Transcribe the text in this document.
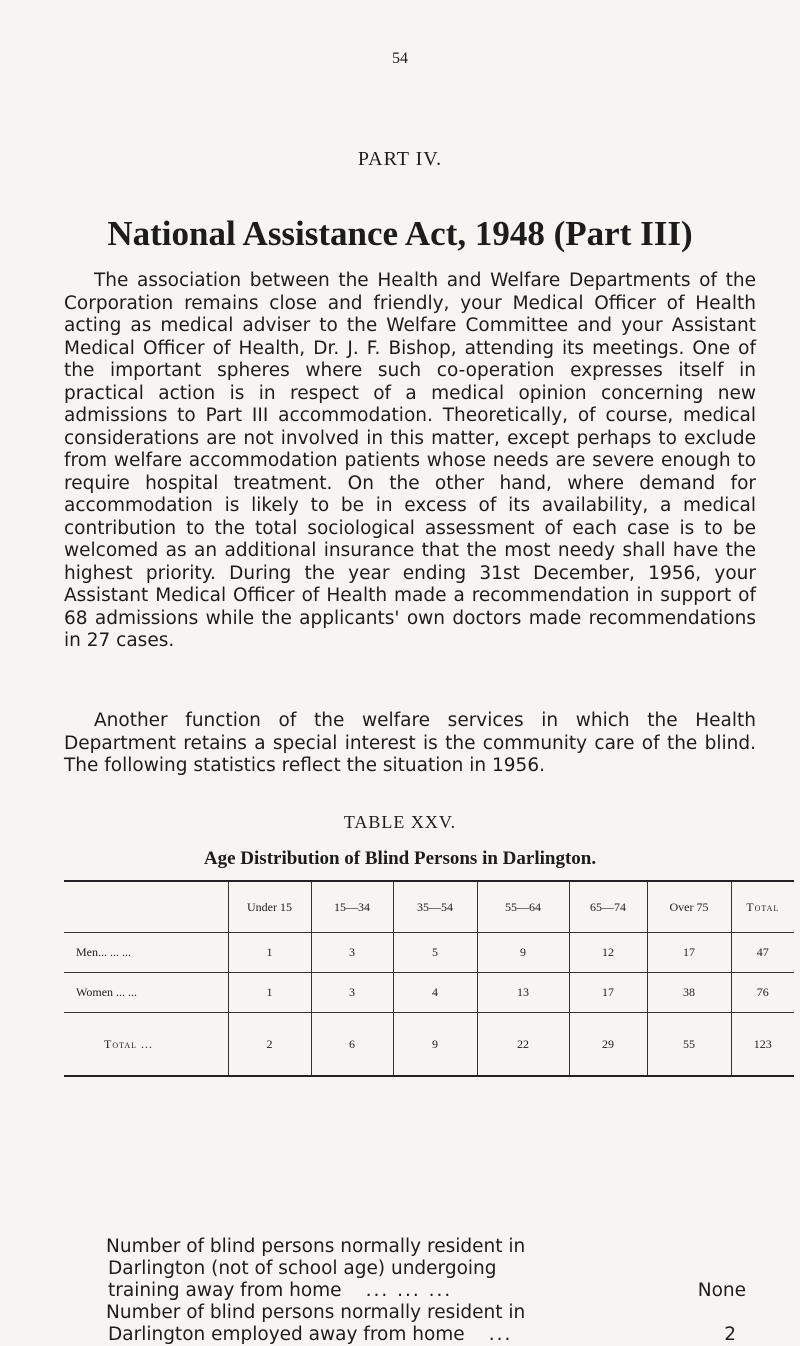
54
PART IV.
National Assistance Act, 1948 (Part III)

The association between the Health and Welfare Departments of the Corporation remains close and friendly, your Medical Officer of Health acting as medical adviser to the Welfare Committee and your Assistant Medical Officer of Health, Dr. J. F. Bishop, attending its meetings. One of the important spheres where such co-operation expresses itself in practical action is in respect of a medical opinion concerning new admissions to Part III accommodation. Theoretically, of course, medical considerations are not involved in this matter, except perhaps to exclude from welfare accommodation patients whose needs are severe enough to require hospital treatment. On the other hand, where demand for accommodation is likely to be in excess of its availability, a medical contribution to the total sociological assessment of each case is to be welcomed as an additional insurance that the most needy shall have the highest priority. During the year ending 31st December, 1956, your Assistant Medical Officer of Health made a recommendation in support of 68 admissions while the applicants' own doctors made recommendations in 27 cases.

Another function of the welfare services in which the Health Department retains a special interest is the community care of the blind. The following statistics reflect the situation in 1956.

TABLE XXV.
Age Distribution of Blind Persons in Darlington.
	Under 15	15—34	35—54	55—64	65—74	Over 75	Total
Men... ... ...	1	3	5	9	12	17	47
Women ... ...	1	3	4	13	17	38	76
Total ...	2	6	9	22	29	55	123
Number of blind persons normally resident in
Darlington (not of school age) undergoing
training away from home ... ... ...	None
Number of blind persons normally resident in
Darlington employed away from home ...	2
